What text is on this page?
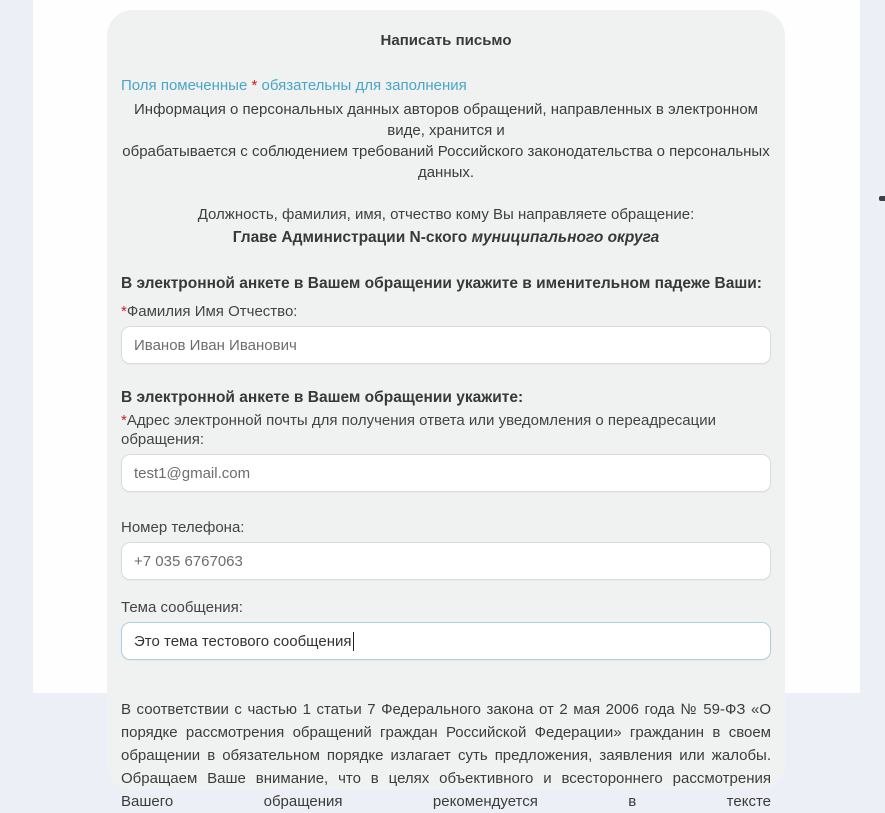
Написать письмо
Поля помеченные * обязательны для заполнения
Информация о персональных данных авторов обращений, направленных в электронном виде, хранится и
обрабатывается с соблюдением требований Российского законодательства о персональных данных.
Должность, фамилия, имя, отчество кому Вы направляете обращение:
Главе Администрации N-ского муниципального округа
В электронной анкете в Вашем обращении укажите в именительном падеже Ваши:
*Фамилия Имя Отчество:
Иванов Иван Иванович
В электронной анкете в Вашем обращении укажите:
*Адрес электронной почты для получения ответа или уведомления о переадресации обращения:
test1@gmail.com
Номер телефона:
+7 035 6767063
Тема сообщения:
Это тема тестового сообщения
В соответствии с частью 1 статьи 7 Федерального закона от 2 мая 2006 года № 59-ФЗ «О порядке рассмотрения обращений граждан Российской Федерации» гражданин в своем обращении в обязательном порядке излагает суть предложения, заявления или жалобы. Обращаем Ваше внимание, что в целях объективного и всестороннего рассмотрения Вашего обращения рекомендуется в тексте
